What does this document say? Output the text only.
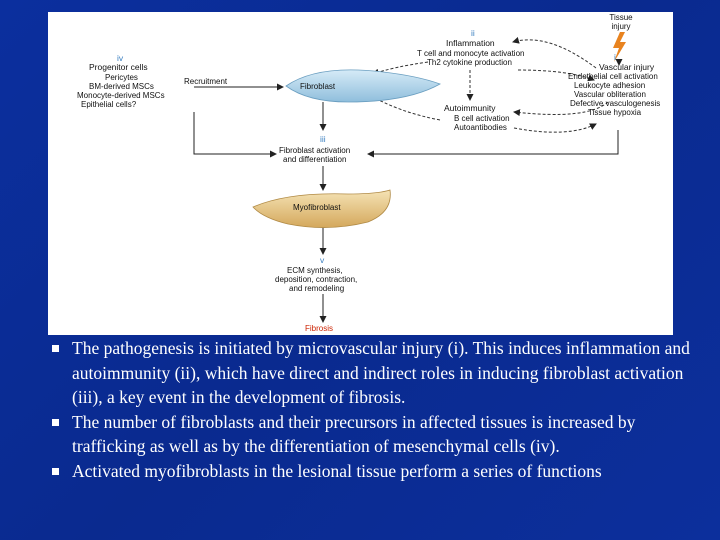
Tissue
injury
i
Vascular injury
Endothelial cell activation
Leukocyte adhesion
Vascular obliteration
Defective vasculogenesis
Tissue hypoxia
ii
Inflammation
T cell and monocyte activation
Th2 cytokine production
Autoimmunity
B cell activation
Autoantibodies
iv
Progenitor cells
Pericytes
BM-derived MSCs
Monocyte-derived MSCs
Epithelial cells?
Recruitment
Fibroblast
iii
Fibroblast activation
and differentiation
Myofibroblast
v
ECM synthesis,
deposition, contraction,
and remodeling
Fibrosis
The pathogenesis is initiated by microvascular injury (i). This induces inflammation and autoimmunity (ii), which have direct and indirect roles in inducing fibroblast activation (iii), a key event in the development of fibrosis.
The number of fibroblasts and their precursors in affected tissues is increased by trafficking as well as by the differentiation of mesenchymal cells (iv).
Activated myofibroblasts in the lesional tissue perform a series of functions
